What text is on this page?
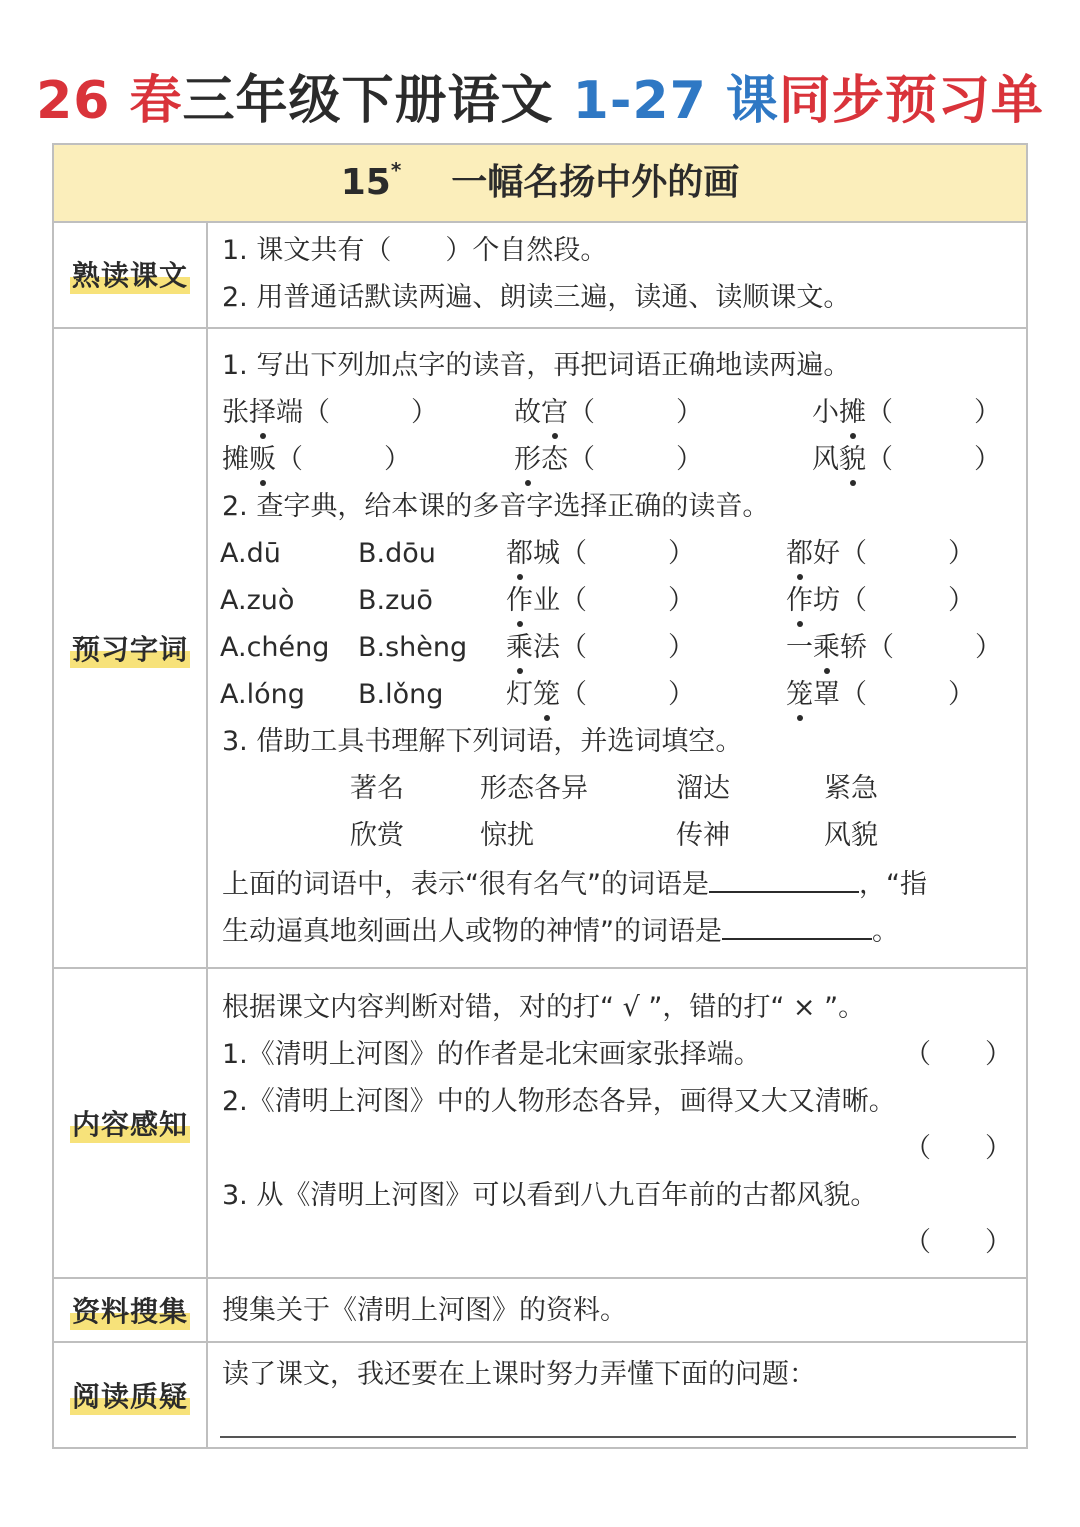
26 春三年级下册语文 1-27 课同步预习单
15* 一幅名扬中外的画
熟读课文
1. 课文共有（　　）个自然段。
2. 用普通话默读两遍、朗读三遍，读通、读顺课文。
预习字词
1. 写出下列加点字的读音，再把词语正确地读两遍。
张择端（　　　）	故宫（　　　）	小摊（　　　）
摊贩（　　　）	形态（　　　）	风貌（　　　）
2. 查字典，给本课的多音字选择正确的读音。
A.dū	B.dōu	都城（　　　）	都好（　　　）
A.zuò B.zuō	作业（　　　）	作坊（　　　）
A.chéng B.shèng 乘法（　　　）	一乘轿（　　　）
A.lóng B.lǒng 灯笼（　　　）	笼罩（　　　）
3. 借助工具书理解下列词语，并选词填空。
著名	形态各异	溜达	紧急
欣赏	惊扰	传神	风貌
上面的词语中，表示“很有名气”的词语是	，“指
生动逼真地刻画出人或物的神情”的词语是	。
内容感知
根据课文内容判断对错，对的打“ √ ”，错的打“ × ”。
1.《清明上河图》的作者是北宋画家张择端。	（　　）
2.《清明上河图》中的人物形态各异，画得又大又清晰。
（　　）
3. 从《清明上河图》可以看到八九百年前的古都风貌。
（　　）
资料搜集 搜集关于《清明上河图》的资料。
阅读质疑
读了课文，我还要在上课时努力弄懂下面的问题：
